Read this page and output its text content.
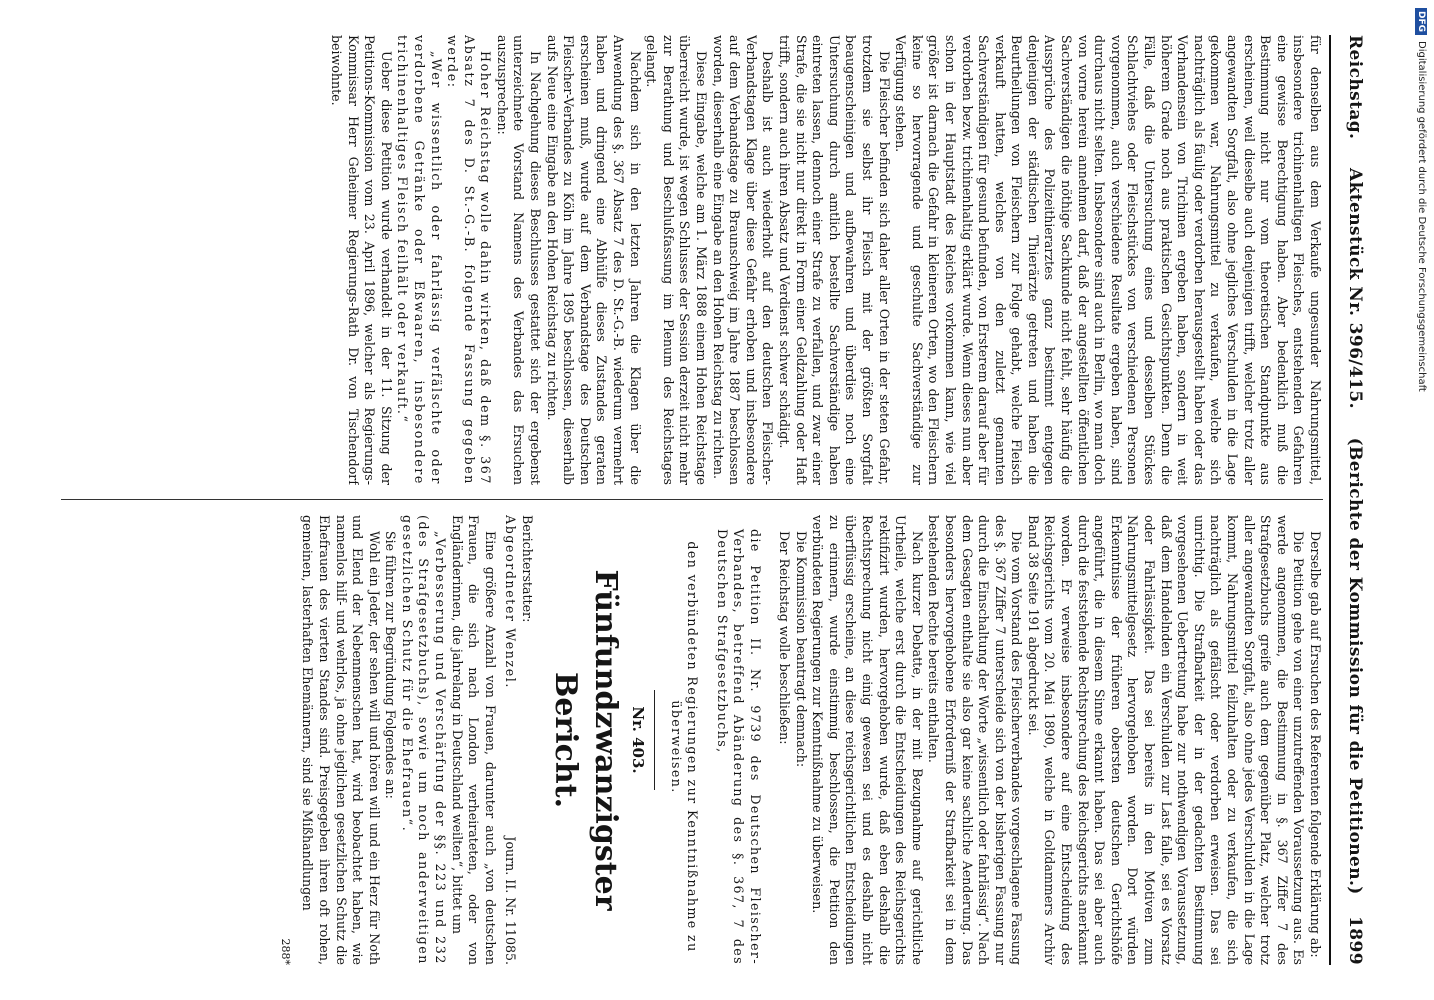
Reichstag.  Aktenstück Nr. 396/415.  (Berichte der Kommission für die Petitionen.)
1899

für denselben aus dem Verkaufe ungesunder Nahrungsmittel, insbesondere trichinenhaltigen Fleisches, entstehenden Gefahren eine gewisse Berechtigung haben. Aber bedenklich muß die Bestimmung nicht nur vom theoretischen Standpunkte aus erscheinen, weil dieselbe auch denjenigen trifft, welcher trotz aller angewandten Sorgfalt, also ohne jegliches Verschulden in die Lage gekommen war, Nahrungsmittel zu verkaufen, welche sich nachträglich als fäulig oder verdorben herausgestellt haben oder das Vorhandensein von Trichinen ergeben haben, sondern in weit höherem Grade noch aus praktischen Gesichtspunkten. Denn die Fälle, daß die Untersuchung eines und desselben Stückes Schlachtviehes oder Fleischstückes von verschiedenen Personen vorgenommen, auch verschiedene Resultate ergeben haben, sind durchaus nicht selten. Insbesondere sind auch in Berlin, wo man doch von vorne herein annehmen darf, daß der angestellten öffentlichen Sachverständigen die nöthige Sachkunde nicht fehlt, sehr häufig die Aussprüche des Polizeithierarztes ganz bestimmt entgegen denjenigen der städtischen Thierärzte getreten und haben die Beurtheilungen von Fleischern zur Folge gehabt, welche Fleisch verkauft hatten, welches von den zuletzt genannten Sachverständigen für gesund befunden, von Ersterem darauf aber für verdorben bezw. trichinenhaltig erklärt wurde. Wenn dieses nun aber schon in der Hauptstadt des Reiches vorkommen kann, wie viel größer ist darnach die Gefahr in kleineren Orten, wo den Fleischern keine so hervorragende und geschulte Sachverständige zur Verfügung stehen.

Die Fleischer befinden sich daher aller Orten in der steten Gefahr, trotzdem sie selbst ihr Fleisch mit der größten Sorgfalt beaugenscheinigen und aufbewahren und überdies noch eine Untersuchung durch amtlich bestellte Sachverständige haben eintreten lassen, dennoch einer Strafe zu verfallen, und zwar einer Strafe, die sie nicht nur direkt in Form einer Geldzahlung oder Haft trifft, sondern auch ihren Absatz und Verdienst schwer schädigt.

Deshalb ist auch wiederholt auf den deutschen Fleischer-Verbandstagen Klage über diese Gefahr erhoben und insbesondere auf dem Verbandstage zu Braunschweig im Jahre 1887 beschlossen worden, dieserhalb eine Eingabe an den Hohen Reichstag zu richten.

Diese Eingabe, welche am 1. März 1888 einem Hohen Reichstage überreicht wurde, ist wegen Schlusses der Session derzeit nicht mehr zur Berathung und Beschlußfassung im Plenum des Reichstages gelangt.

Nachdem sich in den letzten Jahren die Klagen über die Anwendung des §. 367 Absatz 7 des D. St.-G.-B. wiederum vermehrt haben und dringend eine Abhülfe dieses Zustandes geraten erscheinen muß, wurde auf dem Verbandstage des Deutschen Fleischer-Verbandes zu Köln im Jahre 1895 beschlossen, dieserhalb aufs Neue eine Eingabe an den Hohen Reichstag zu richten.

In Nachgehung dieses Beschlusses gestattet sich der ergebenst unterzeichnete Vorstand Namens des Verbandes das Ersuchen auszusprechen:

Hoher Reichstag wolle dahin wirken, daß dem §. 367 Absatz 7 des D. St.-G.-B. folgende Fassung gegeben werde:

„Wer wissentlich oder fahrlässig verfälschte oder verdorbene Getränke oder Eßwaaren, insbesondere trichinenhaltiges Fleisch feilhält oder verkauft.“

Ueber diese Petition wurde verhandelt in der 11. Sitzung der Petitions-Kommission vom 23. April 1896, welcher als Regierungs-Kommissar Herr Geheimer Regierungs-Rath Dr. von Tischendorf beiwohnte.

Derselbe gab auf Ersuchen des Referenten folgende Erklärung ab:

Die Petition gehe von einer unzutreffenden Voraussetzung aus. Es werde angenommen, die Bestimmung in §. 367 Ziffer 7 des Strafgesetzbuchs greife auch dem gegenüber Platz, welcher trotz aller angewandten Sorgfalt, also ohne jedes Verschulden in die Lage kommt, Nahrungsmittel feilzuhalten oder zu verkaufen, die sich nachträglich als gefälscht oder verdorben erweisen. Das sei unrichtig. Die Strafbarkeit der in der gedachten Bestimmung vorgesehenen Uebertretung habe zur nothwendigen Voraussetzung, daß dem Handelnden ein Verschulden zur Last falle, sei es Vorsatz oder Fahrlässigkeit. Das sei bereits in den Motiven zum Nahrungsmittelgesetz hervorgehoben worden. Dort würden Erkenntnisse der früheren obersten deutschen Gerichtshöfe angeführt, die in diesem Sinne erkannt haben. Das sei aber auch durch die feststehende Rechtsprechung des Reichsgerichts anerkannt worden. Er verweise insbesondere auf eine Entscheidung des Reichsgerichts vom 20. Mai 1890, welche in Goltdammers Archiv Band 38 Seite 191 abgedruckt sei.

Die vom Vorstand des Fleischerverbandes vorgeschlagene Fassung des §. 367 Ziffer 7 unterscheide sich von der bisherigen Fassung nur durch die Einschaltung der Worte „wissentlich oder fahrlässig“. Nach dem Gesagten enthalte sie also gar keine sachliche Aenderung. Das besonders hervorgehobene Erforderniß der Strafbarkeit sei in dem bestehenden Rechte bereits enthalten.

Nach kurzer Debatte, in der mit Bezugnahme auf gerichtliche Urtheile, welche erst durch die Entscheidungen des Reichsgerichts rektifizirt wurden, hervorgehoben wurde, daß eben deshalb die Rechtsprechung nicht einig gewesen sei und es deshalb nicht überflüssig erscheine, an diese reichsgerichtlichen Entscheidungen zu erinnern, wurde einstimmig beschlossen, die Petition den verbündeten Regierungen zur Kenntnißnahme zu überweisen.

Die Kommission beantragt demnach:

Der Reichstag wolle beschließen:

die Petition II. Nr. 9739 des Deutschen Fleischer-Verbandes, betreffend Abänderung des §. 367, 7 des Deutschen Strafgesetzbuchs,

den verbündeten Regierungen zur Kenntnißnahme zu überweisen.

Nr. 403.
Fünfundzwanzigster Bericht.
Berichterstatter:
Abgeordneter Wenzel.
Journ. II. Nr. 11085.

Eine größere Anzahl von Frauen, darunter auch „von deutschen Frauen, die sich nach London verheirateten, oder von Engländerinnen, die jahrelang in Deutschland weilten“, bittet um

„Verbesserung und Verschärfung der §§. 223 und 232 (des Strafgesetzbuchs), sowie um noch anderweitigen gesetzlichen Schutz für die Ehefrauen“.

Sie führen zur Begründung Folgendes an:

Wohl ein Jeder, der sehen will und hören will und ein Herz für Noth und Elend der Nebenmenschen hat, wird beobachtet haben, wie namenlos hilf- und wehrlos, ja ohne jeglichen gesetzlichen Schutz die Ehefrauen des vierten Standes sind. Preisgegeben ihren oft rohen, gemeinen, lasterhaften Ehemännern, sind sie Mißhandlungen

288*
DFGDigitalisierung gefördert durch die Deutsche Forschungsgemeinschaft
